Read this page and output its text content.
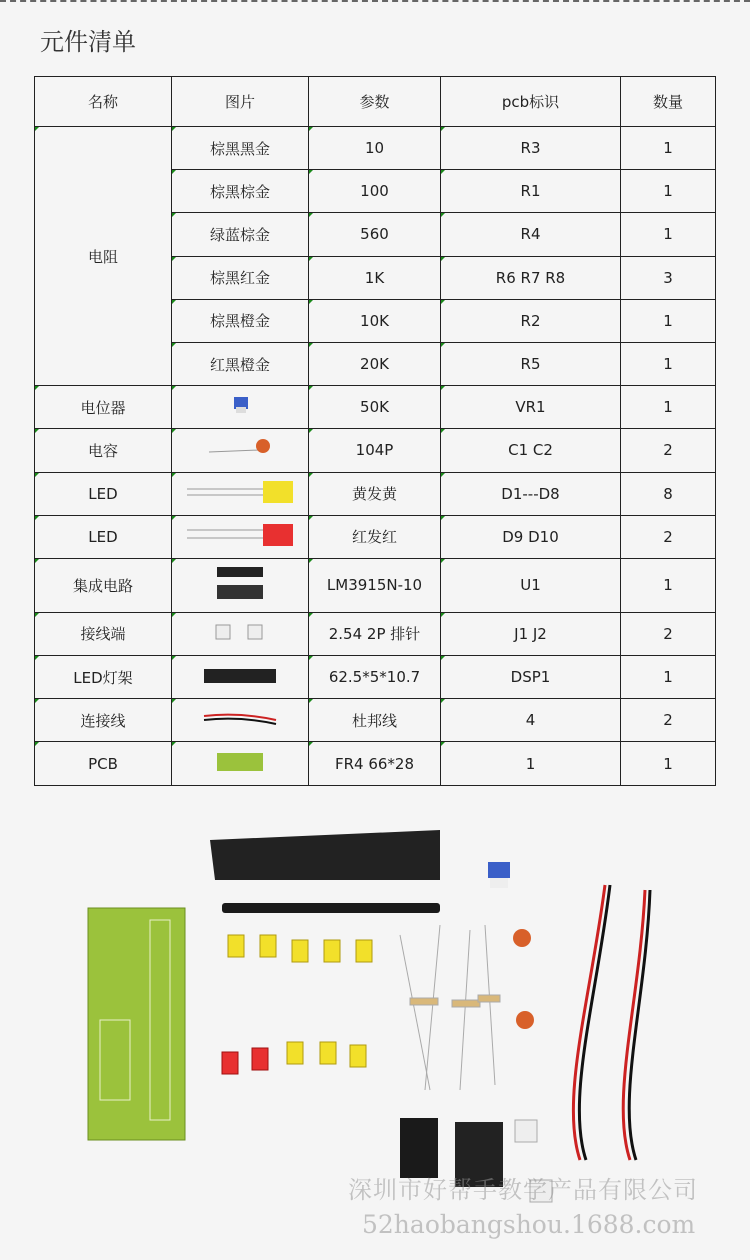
元件清单
名称	图片	参数	pcb标识	数量
电阻	棕黑黑金	10	R3	1
	棕黑棕金	100	R1	1
	绿蓝棕金	560	R4	1
	棕黑红金	1K	R6 R7 R8	3
	棕黑橙金	10K	R2	1
	红黑橙金	20K	R5	1
电位器		50K	VR1	1
电容		104P	C1 C2	2
LED		黄发黄	D1---D8	8
LED		红发红	D9 D10	2
集成电路		LM3915N-10	U1	1
接线端		2.54 2P 排针	J1 J2	2
LED灯架		62.5*5*10.7	DSP1	1
连接线		杜邦线	4	2
PCB		FR4 66*28	1	1
深圳市好帮手教学产品有限公司
52haobangshou.1688.com
